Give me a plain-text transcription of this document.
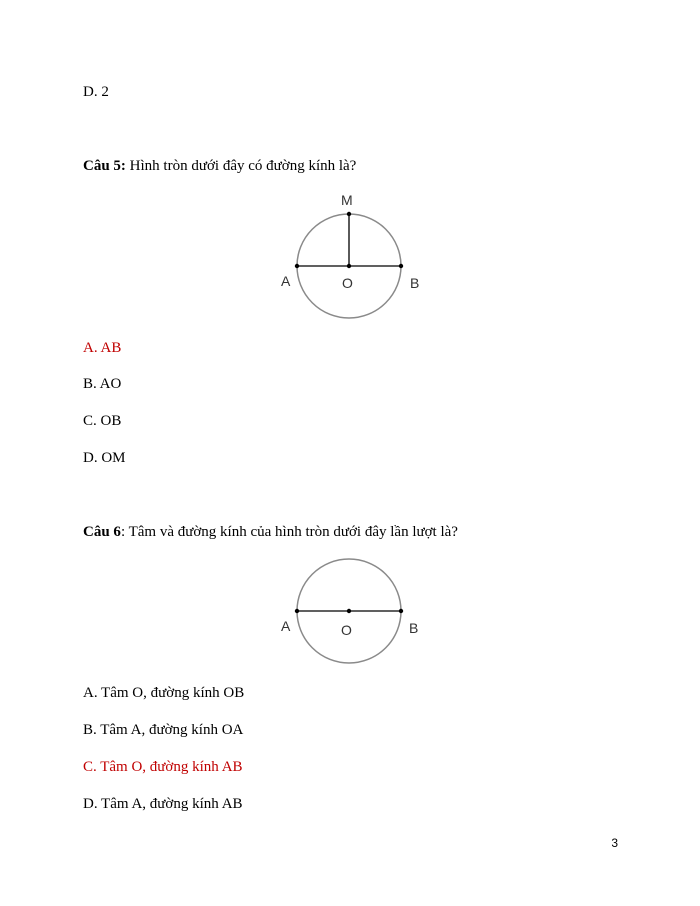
D. 2
Câu 5: Hình tròn dưới đây có đường kính là?
M
A	O	B
A. AB
B. AO
C. OB
D. OM
Câu 6: Tâm và đường kính của hình tròn dưới đây lần lượt là?
A	O	B
A. Tâm O, đường kính OB
B. Tâm A, đường kính OA
C. Tâm O, đường kính AB
D. Tâm A, đường kính AB
3
